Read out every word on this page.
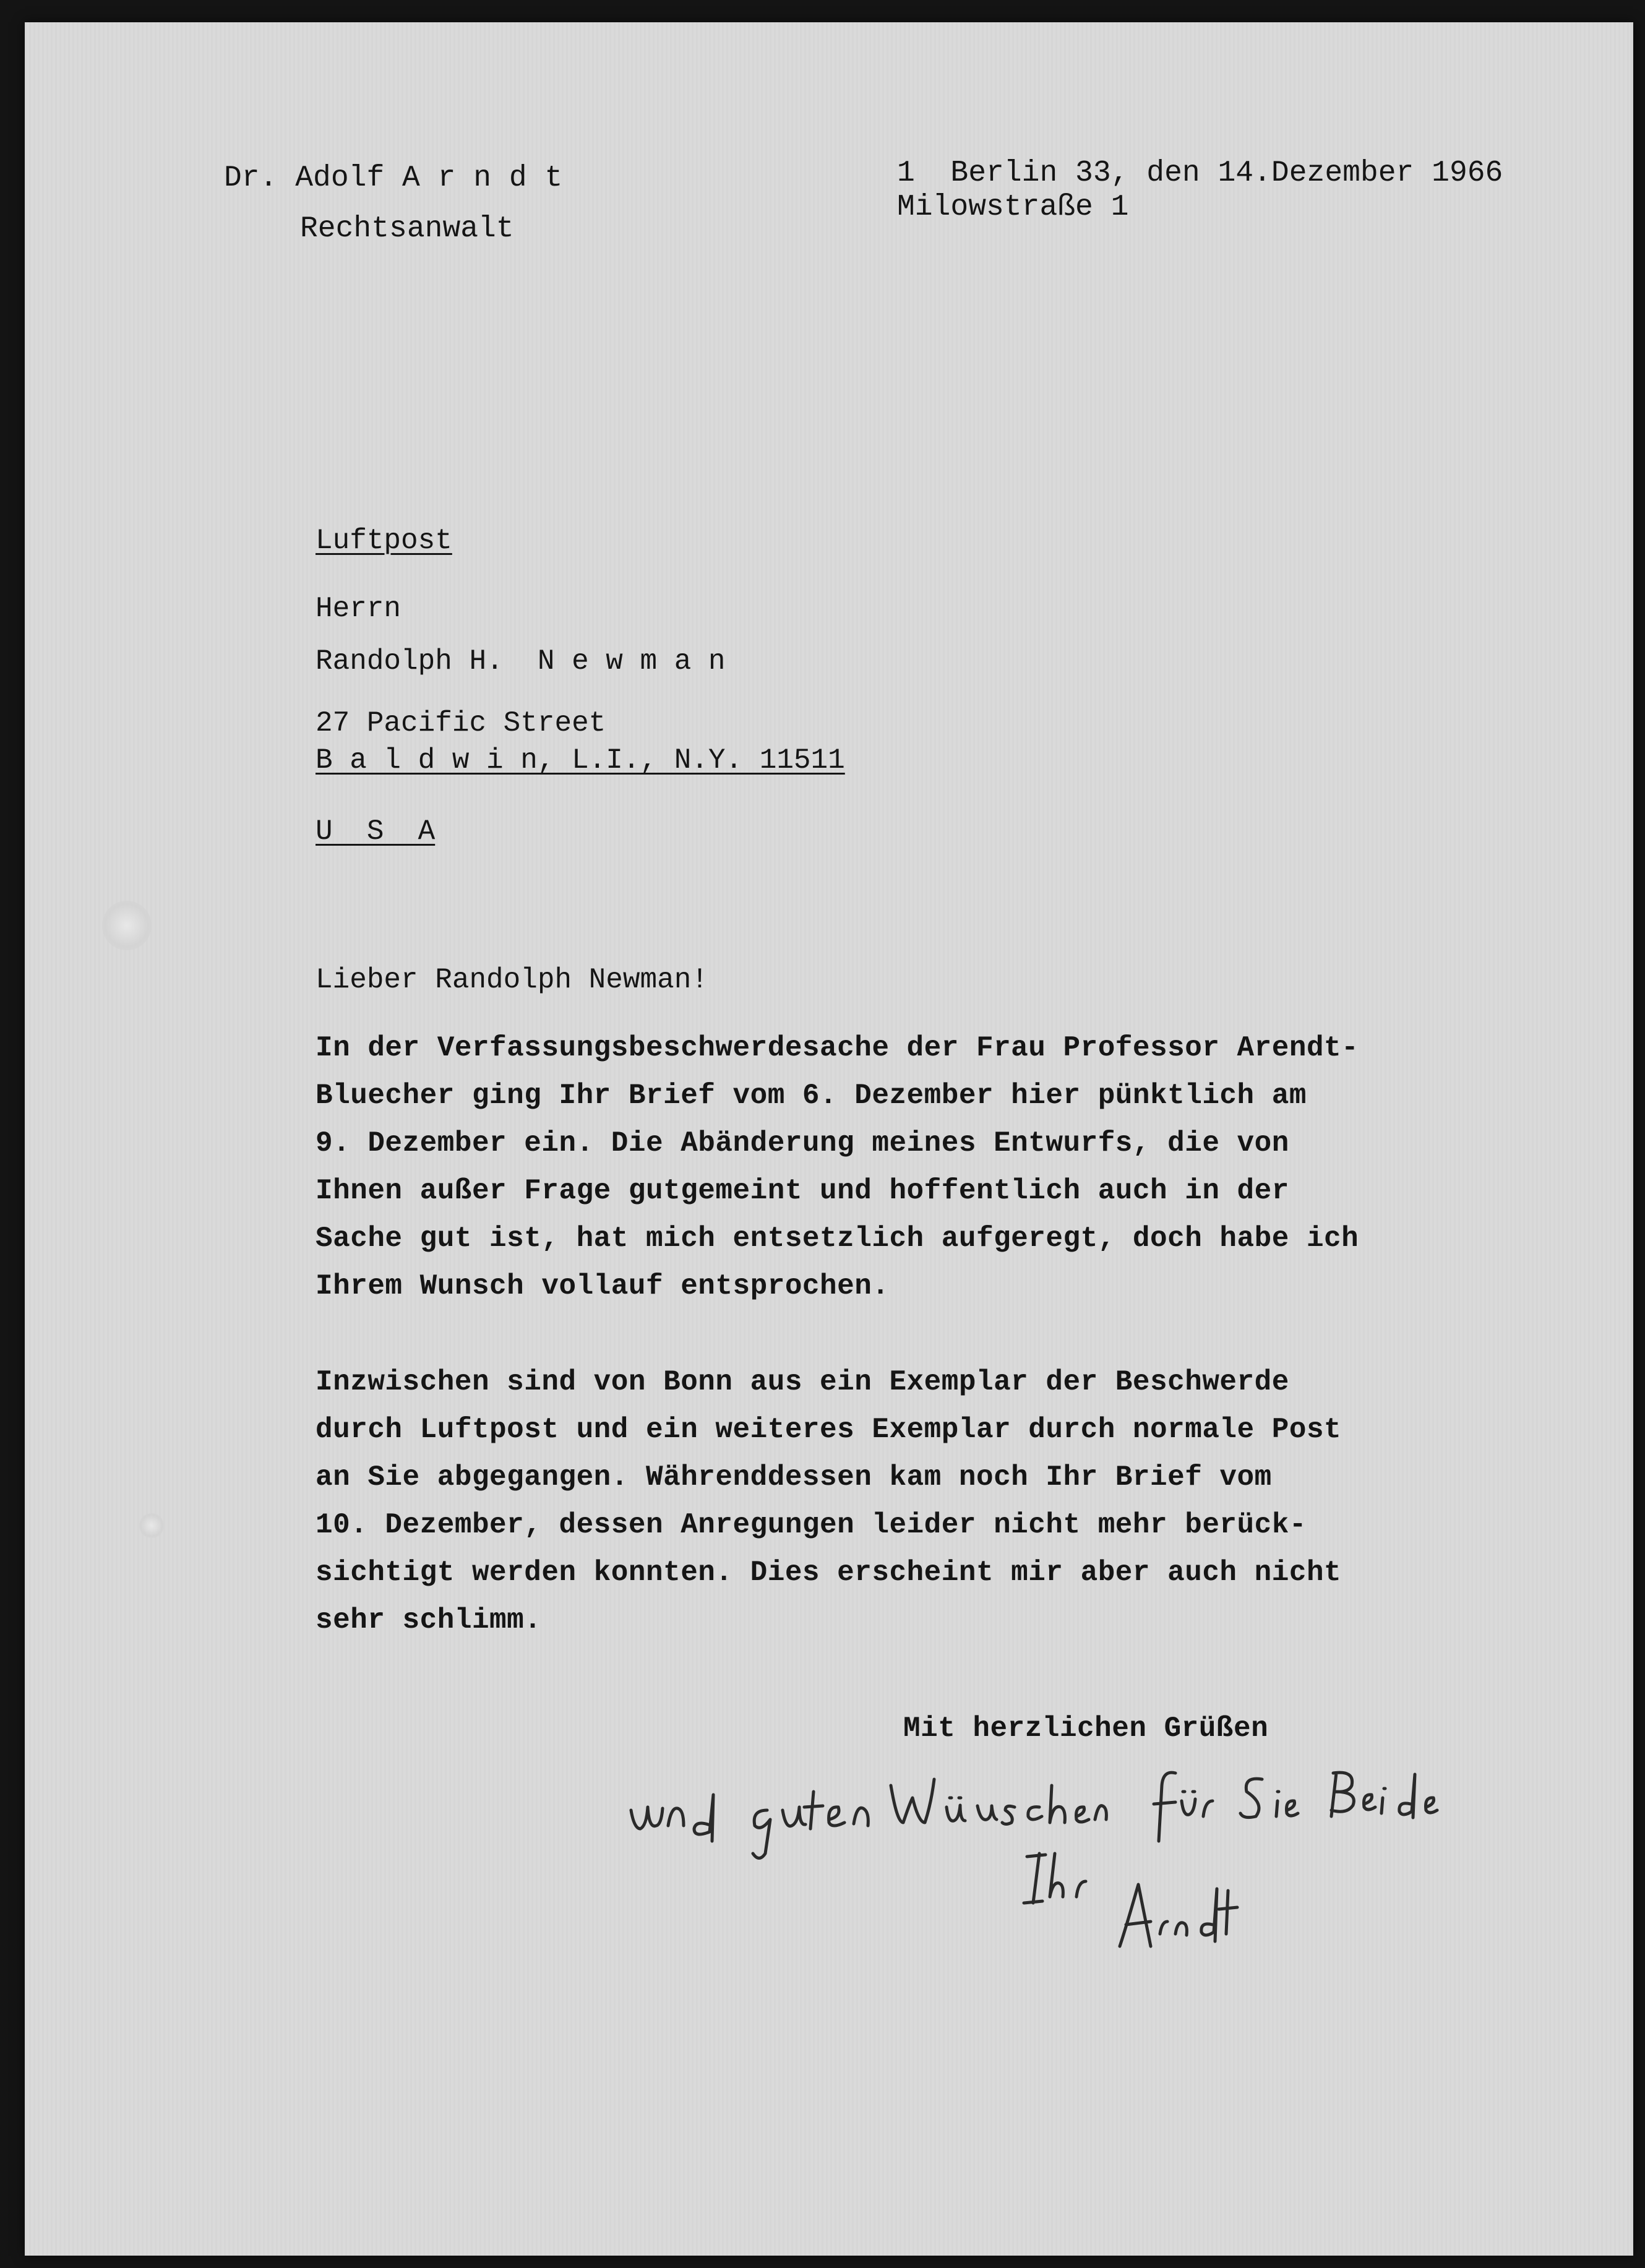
Dr. Adolf A r n d t

Rechtsanwalt

1  Berlin 33, den 14.Dezember 1966

Milowstraße 1

Luftpost

Herrn

Randolph H.  N e w m a n

27 Pacific Street

B a l d w i n, L.I., N.Y. 11511

U  S  A

Lieber Randolph Newman!

In der Verfassungsbeschwerdesache der Frau Professor Arendt-

Bluecher ging Ihr Brief vom 6. Dezember hier pünktlich am

9. Dezember ein. Die Abänderung meines Entwurfs, die von

Ihnen außer Frage gutgemeint und hoffentlich auch in der

Sache gut ist, hat mich entsetzlich aufgeregt, doch habe ich

Ihrem Wunsch vollauf entsprochen.

Inzwischen sind von Bonn aus ein Exemplar der Beschwerde

durch Luftpost und ein weiteres Exemplar durch normale Post

an Sie abgegangen. Währenddessen kam noch Ihr Brief vom

10. Dezember, dessen Anregungen leider nicht mehr berück-

sichtigt werden konnten. Dies erscheint mir aber auch nicht

sehr schlimm.

Mit herzlichen Grüßen
